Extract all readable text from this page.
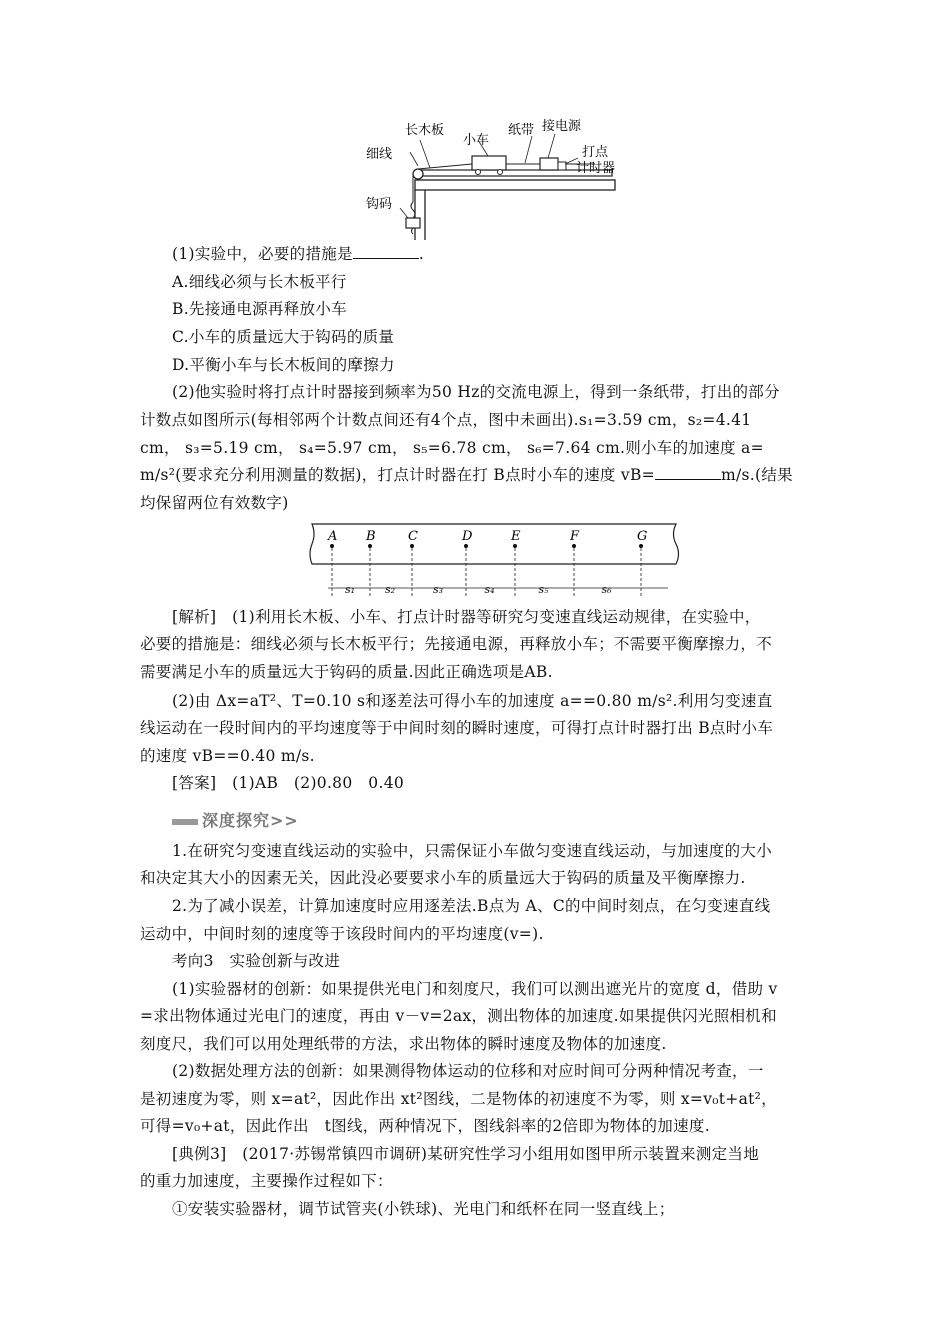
长木板
小车
纸带 接电源
细线	打点
计时器
钩码
(1)实验中，必要的措施是	.
A.细线必须与长木板平行
B.先接通电源再释放小车
C.小车的质量远大于钩码的质量
D.平衡小车与长木板间的摩擦力
(2)他实验时将打点计时器接到频率为50 Hz的交流电源上，得到一条纸带，打出的部分
计数点如图所示(每相邻两个计数点间还有4个点，图中未画出).s₁=3.59 cm，s₂=4.41
cm， s₃=5.19 cm， s₄=5.97 cm， s₅=6.78 cm， s₆=7.64 cm.则小车的加速度 a=
m/s²(要求充分利用测量的数据)，打点计时器在打 B点时小车的速度 vB=	m/s.(结果
均保留两位有效数字)
A B C	D	E	F	G
s₁	s₂	s₃	s₄	s₅	s₆
[解析]　(1)利用长木板、小车、打点计时器等研究匀变速直线运动规律，在实验中，
必要的措施是：细线必须与长木板平行；先接通电源，再释放小车；不需要平衡摩擦力，不
需要满足小车的质量远大于钩码的质量.因此正确选项是AB.
(2)由 Δx=aT²、T=0.10 s和逐差法可得小车的加速度 a==0.80 m/s².利用匀变速直
线运动在一段时间内的平均速度等于中间时刻的瞬时速度，可得打点计时器打出 B点时小车
的速度 vB==0.40 m/s.
[答案]　(1)AB　(2)0.80　0.40
深度探究>>
1.在研究匀变速直线运动的实验中，只需保证小车做匀变速直线运动，与加速度的大小
和决定其大小的因素无关，因此没必要要求小车的质量远大于钩码的质量及平衡摩擦力.
2.为了减小误差，计算加速度时应用逐差法.B点为 A、C的中间时刻点，在匀变速直线
运动中，中间时刻的速度等于该段时间内的平均速度(v=).
考向3　实验创新与改进
(1)实验器材的创新：如果提供光电门和刻度尺，我们可以测出遮光片的宽度 d，借助 v
=求出物体通过光电门的速度，再由 v－v=2ax，测出物体的加速度.如果提供闪光照相机和
刻度尺，我们可以用处理纸带的方法，求出物体的瞬时速度及物体的加速度.
(2)数据处理方法的创新：如果测得物体运动的位移和对应时间可分两种情况考查，一
是初速度为零，则 x=at²，因此作出 xt²图线，二是物体的初速度不为零，则 x=v₀t+at²，
可得=v₀+at，因此作出　t图线，两种情况下，图线斜率的2倍即为物体的加速度.
[典例3]　(2017·苏锡常镇四市调研)某研究性学习小组用如图甲所示装置来测定当地
的重力加速度，主要操作过程如下：
①安装实验器材，调节试管夹(小铁球)、光电门和纸杯在同一竖直线上；
